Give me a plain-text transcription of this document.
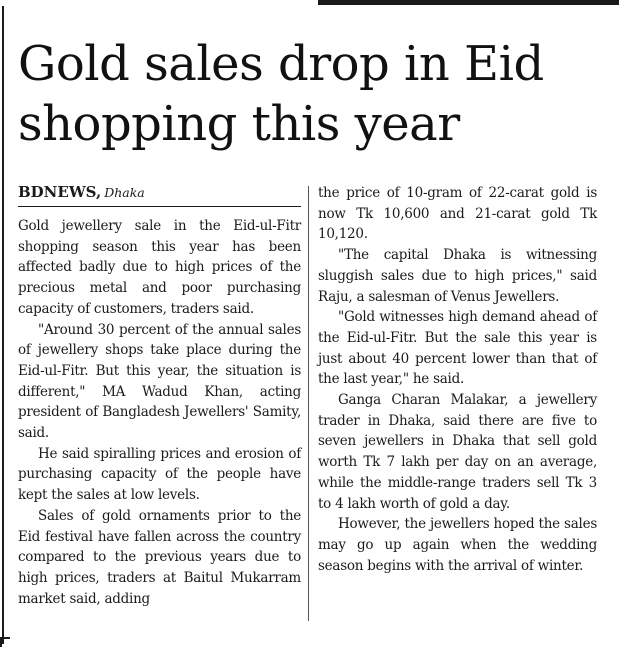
Gold sales drop in Eid shopping this year
BDNEWS, Dhaka

Gold jewellery sale in the Eid-ul-Fitr shopping season this year has been affected badly due to high prices of the precious metal and poor purchasing capacity of customers, traders said.

"Around 30 percent of the annual sales of jewellery shops take place during the Eid-ul-Fitr. But this year, the situation is different," MA Wadud Khan, acting president of Bangladesh Jewellers' Samity, said.

He said spiralling prices and erosion of purchasing capacity of the people have kept the sales at low levels.

Sales of gold ornaments prior to the Eid festival have fallen across the country compared to the previous years due to high prices, traders at Baitul Mukarram market said, adding

the price of 10-gram of 22-carat gold is now Tk 10,600 and 21-carat gold Tk 10,120.

"The capital Dhaka is witnessing sluggish sales due to high prices," said Raju, a salesman of Venus Jewellers.

"Gold witnesses high demand ahead of the Eid-ul-Fitr. But the sale this year is just about 40 percent lower than that of the last year," he said.

Ganga Charan Malakar, a jewellery trader in Dhaka, said there are five to seven jewellers in Dhaka that sell gold worth Tk 7 lakh per day on an average, while the middle-range traders sell Tk 3 to 4 lakh worth of gold a day.

However, the jewellers hoped the sales may go up again when the wedding season begins with the arrival of winter.
